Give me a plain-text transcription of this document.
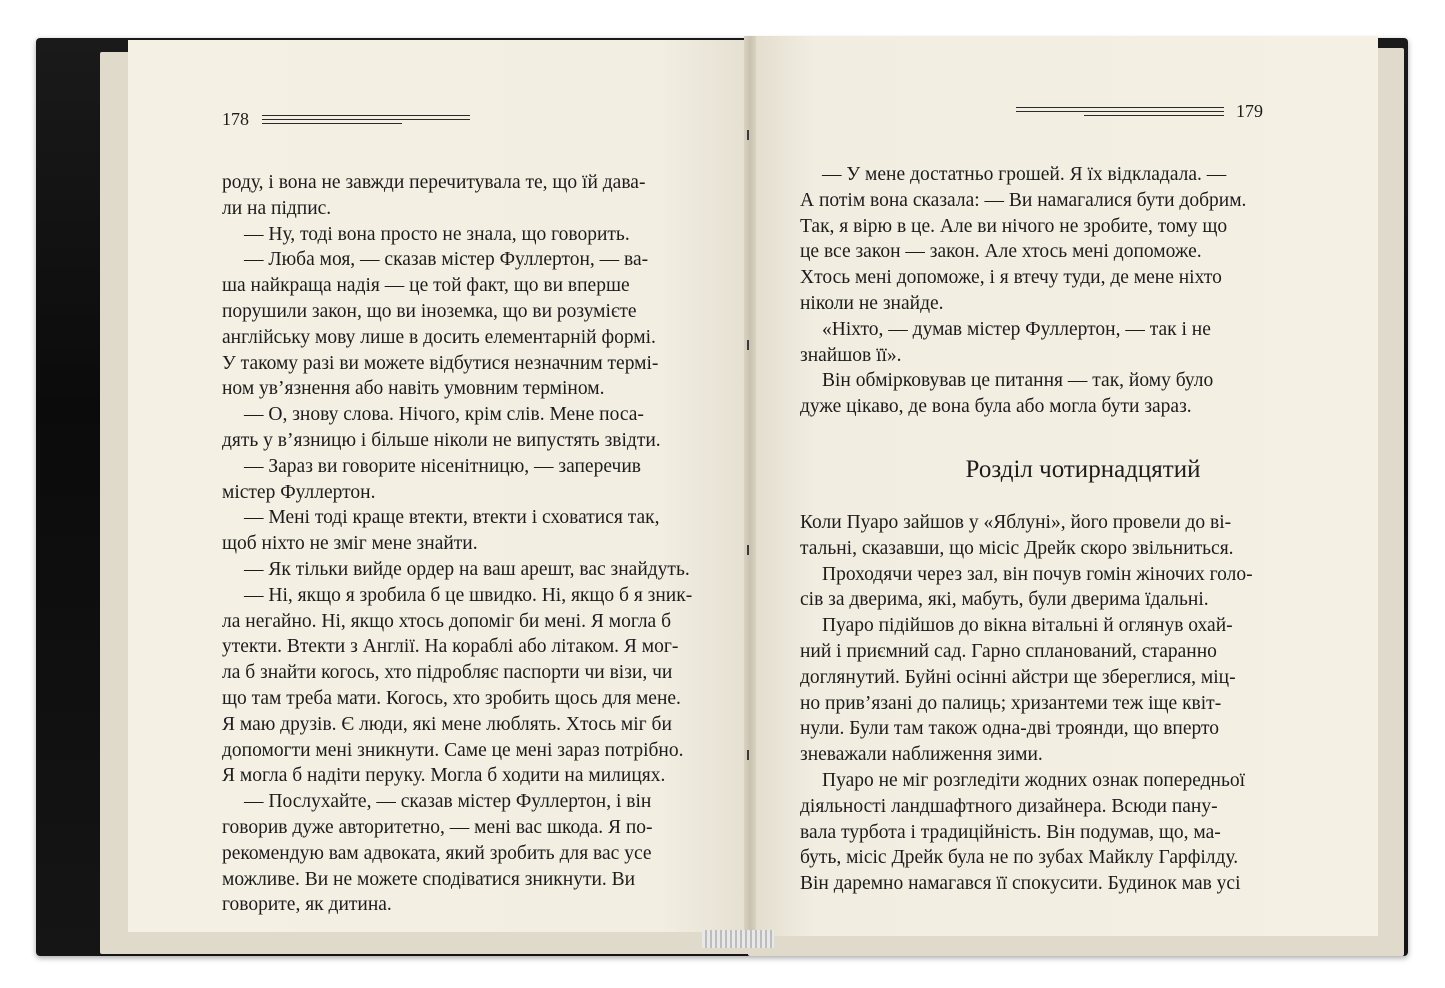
178	179
роду, і вона не завжди перечитувала те, що їй дава-
ли на підпис.
— Ну, тоді вона просто не знала, що говорить.
— Люба моя, — сказав містер Фуллертон, — ва-
ша найкраща надія — це той факт, що ви вперше
порушили закон, що ви іноземка, що ви розумієте
англійську мову лише в досить елементарній формі.
У такому разі ви можете відбутися незначним термі-
ном ув’язнення або навіть умовним терміном.
— О, знову слова. Нічого, крім слів. Мене поса-
дять у в’язницю і більше ніколи не випустять звідти.
— Зараз ви говорите нісенітницю, — заперечив
містер Фуллертон.
— Мені тоді краще втекти, втекти і сховатися так,
щоб ніхто не зміг мене знайти.
— Як тільки вийде ордер на ваш арешт, вас знайдуть.
— Ні, якщо я зробила б це швидко. Ні, якщо б я зник-
ла негайно. Ні, якщо хтось допоміг би мені. Я могла б
утекти. Втекти з Англії. На кораблі або літаком. Я мог-
ла б знайти когось, хто підробляє паспорти чи візи, чи
що там треба мати. Когось, хто зробить щось для мене.
Я маю друзів. Є люди, які мене люблять. Хтось міг би
допомогти мені зникнути. Саме це мені зараз потрібно.
Я могла б надіти перуку. Могла б ходити на милицях.
— Послухайте, — сказав містер Фуллертон, і він
говорив дуже авторитетно, — мені вас шкода. Я по-
рекомендую вам адвоката, який зробить для вас усе
можливе. Ви не можете сподіватися зникнути. Ви
говорите, як дитина.
— У мене достатньо грошей. Я їх відкладала. —
А потім вона сказала: — Ви намагалися бути добрим.
Так, я вірю в це. Але ви нічого не зробите, тому що
це все закон — закон. Але хтось мені допоможе.
Хтось мені допоможе, і я втечу туди, де мене ніхто
ніколи не знайде.
«Ніхто, — думав містер Фуллертон, — так і не
знайшов її».
Він обмірковував це питання — так, йому було
дуже цікаво, де вона була або могла бути зараз.
Розділ чотирнадцятий
Коли Пуаро зайшов у «Яблуні», його провели до ві-
тальні, сказавши, що місіс Дрейк скоро звільниться.
Проходячи через зал, він почув гомін жіночих голо-
сів за дверима, які, мабуть, були дверима їдальні.
Пуаро підійшов до вікна вітальні й оглянув охай-
ний і приємний сад. Гарно спланований, старанно
доглянутий. Буйні осінні айстри ще збереглися, міц-
но прив’язані до палиць; хризантеми теж іще квіт-
нули. Були там також одна-дві троянди, що вперто
зневажали наближення зими.
Пуаро не міг розгледіти жодних ознак попередньої
діяльності ландшафтного дизайнера. Всюди пану-
вала турбота і традиційність. Він подумав, що, ма-
буть, місіс Дрейк була не по зубах Майклу Гарфілду.
Він даремно намагався її спокусити. Будинок мав усі
